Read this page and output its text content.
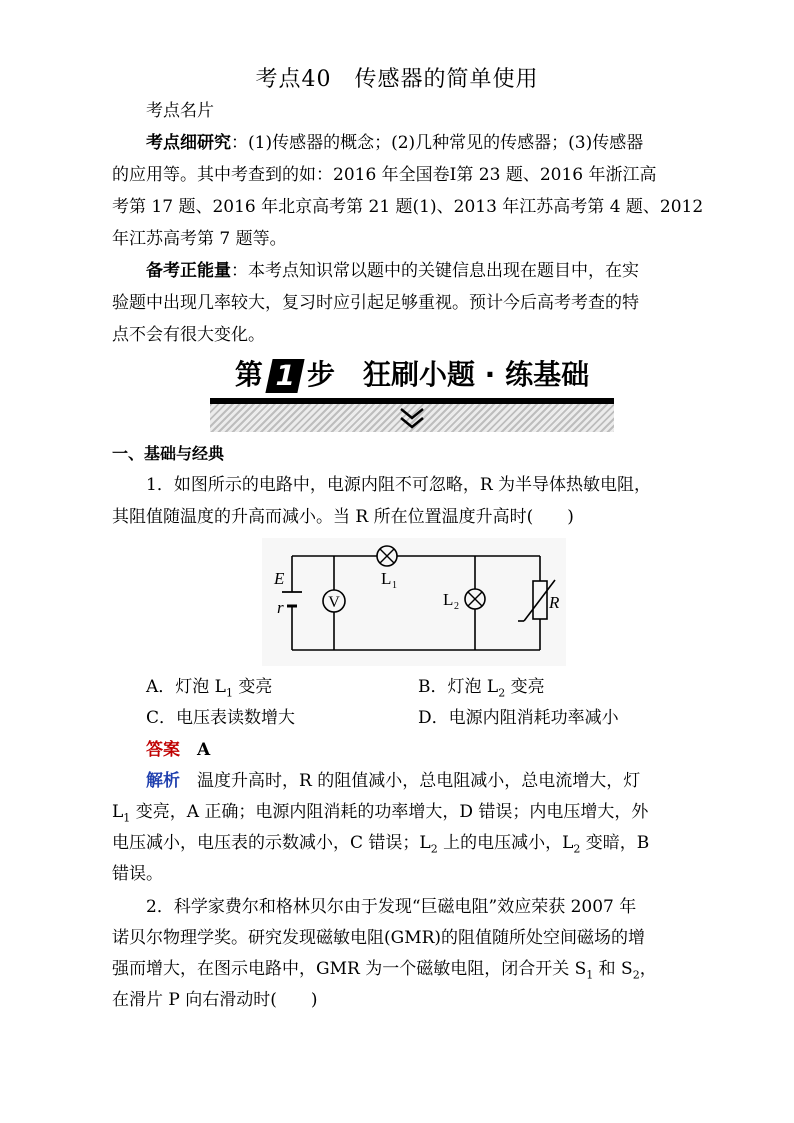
考点40　传感器的简单使用
考点名片
考点细研究：(1)传感器的概念；(2)几种常见的传感器；(3)传感器
的应用等。其中考查到的如：2016 年全国卷Ⅰ第 23 题、2016 年浙江高
考第 17 题、2016 年北京高考第 21 题(1)、2013 年江苏高考第 4 题、2012
年江苏高考第 7 题等。
备考正能量：本考点知识常以题中的关键信息出现在题目中，在实
验题中出现几率较大，复习时应引起足够重视。预计今后高考考查的特
点不会有很大变化。
第 1 步　狂刷小题 · 练基础
一、基础与经典
1．如图所示的电路中，电源内阻不可忽略，R 为半导体热敏电阻，
其阻值随温度的升高而减小。当 R 所在位置温度升高时(　　)
V
E
r
L 1
L 2	R
A．灯泡 $L_1$ 变亮	B．灯泡 $L_2$ 变亮
C．电压表读数增大	D．电源内阻消耗功率减小
答案　 A
解析　 温度升高时，R 的阻值减小，总电阻减小，总电流增大，灯
$L_1$ 变亮，A 正确；电源内阻消耗的功率增大，D 错误；内电压增大，外
电压减小，电压表的示数减小，C 错误；$L_2$ 上的电压减小，$L_2$ 变暗，B
错误。
2．科学家费尔和格林贝尔由于发现“巨磁电阻”效应荣获 2007 年
诺贝尔物理学奖。研究发现磁敏电阻(GMR)的阻值随所处空间磁场的增
强而增大，在图示电路中，GMR 为一个磁敏电阻，闭合开关 $S_1$ 和 $S_2$，
在滑片 P 向右滑动时(　　)
